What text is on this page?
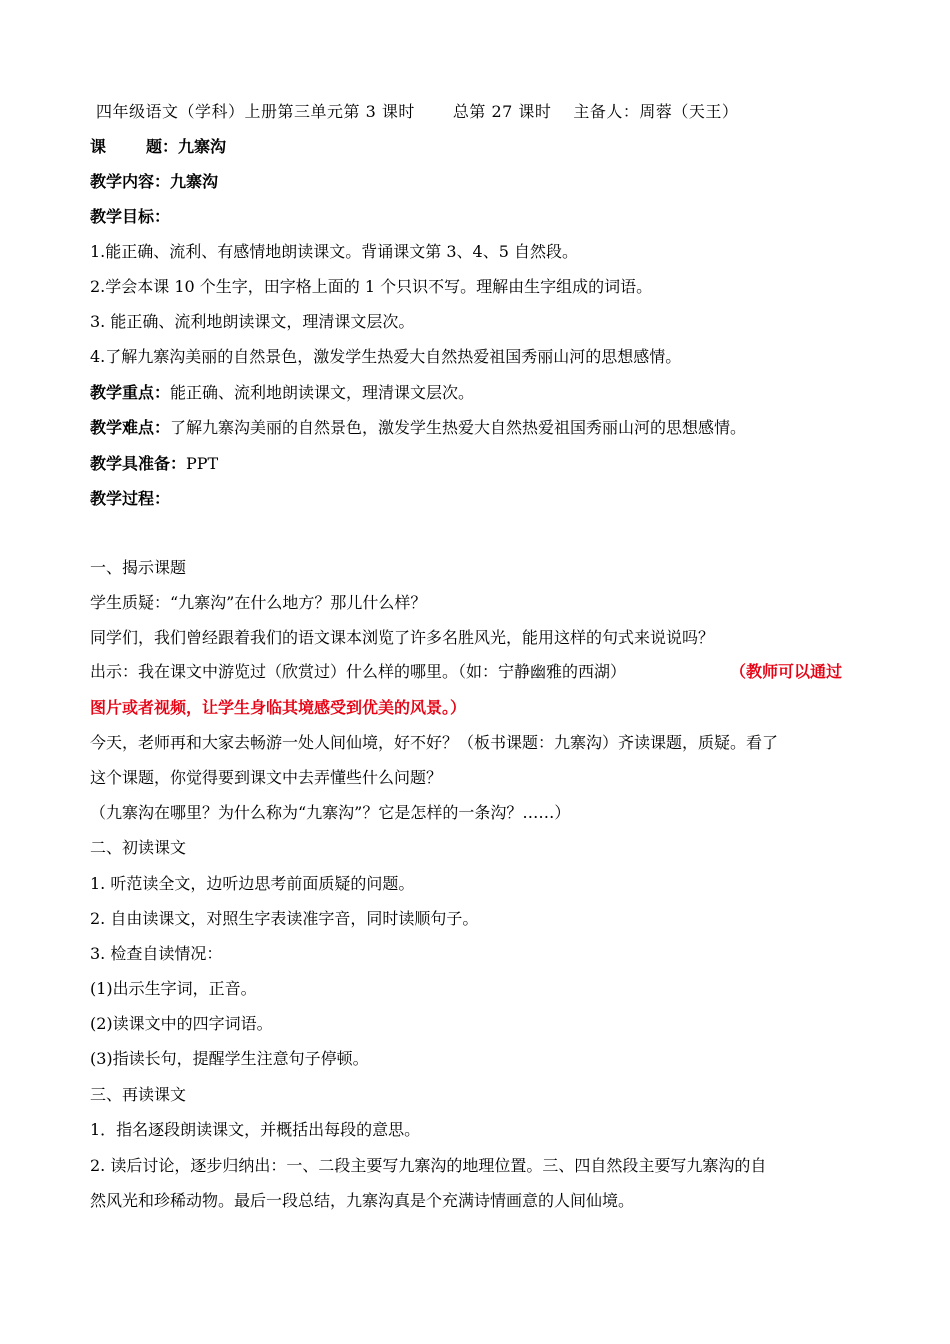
四年级语文（学科）上册第三单元第 3 课时 总第 27 课时 主备人：周蓉（天王）
课	题：九寨沟
教学内容：九寨沟
教学目标：
1.能正确、流利、有感情地朗读课文。背诵课文第 3、4、5 自然段。
2.学会本课 10 个生字，田字格上面的 1 个只识不写。理解由生字组成的词语。
3. 能正确、流利地朗读课文，理清课文层次。
4.了解九寨沟美丽的自然景色，激发学生热爱大自然热爱祖国秀丽山河的思想感情。
教学重点：能正确、流利地朗读课文，理清课文层次。
教学难点：了解九寨沟美丽的自然景色，激发学生热爱大自然热爱祖国秀丽山河的思想感情。
教学具准备：PPT
教学过程：
一、揭示课题
学生质疑：“九寨沟”在什么地方？那儿什么样？
同学们，我们曾经跟着我们的语文课本浏览了许多名胜风光，能用这样的句式来说说吗？
出示：我在课文中游览过（欣赏过）什么样的哪里。（如：宁静幽雅的西湖）	（教师可以通过
图片或者视频，让学生身临其境感受到优美的风景。）
今天，老师再和大家去畅游一处人间仙境，好不好？（板书课题：九寨沟）齐读课题，质疑。看了
这个课题，你觉得要到课文中去弄懂些什么问题？
（九寨沟在哪里？为什么称为“九寨沟”？它是怎样的一条沟？……）
二、初读课文
1. 听范读全文，边听边思考前面质疑的问题。
2. 自由读课文，对照生字表读准字音，同时读顺句子。
3. 检查自读情况：
(1)出示生字词，正音。
(2)读课文中的四字词语。
(3)指读长句，提醒学生注意句子停顿。
三、再读课文
1．指名逐段朗读课文，并概括出每段的意思。
2. 读后讨论，逐步归纳出：一、二段主要写九寨沟的地理位置。三、四自然段主要写九寨沟的自
然风光和珍稀动物。最后一段总结，九寨沟真是个充满诗情画意的人间仙境。
